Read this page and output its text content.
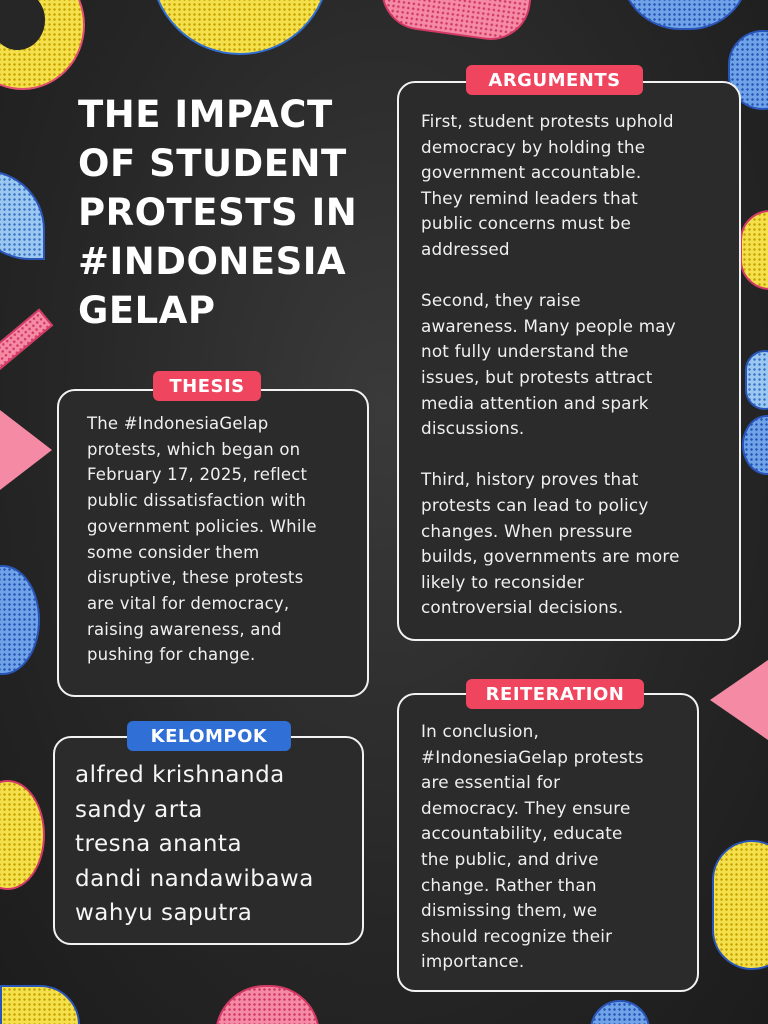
THE IMPACT
OF STUDENT
PROTESTS IN
#INDONESIA
GELAP
The #IndonesiaGelap
protests, which began on
February 17, 2025, reflect
public dissatisfaction with
government policies. While
some consider them
disruptive, these protests
are vital for democracy,
raising awareness, and
pushing for change.
THESIS
alfred krishnanda
sandy arta
tresna ananta
dandi nandawibawa
wahyu saputra
KELOMPOK
First, student protests uphold
democracy by holding the
government accountable.
They remind leaders that
public concerns must be
addressed

Second, they raise
awareness. Many people may
not fully understand the
issues, but protests attract
media attention and spark
discussions.

Third, history proves that
protests can lead to policy
changes. When pressure
builds, governments are more
likely to reconsider
controversial decisions.
ARGUMENTS
In conclusion,
#IndonesiaGelap protests
are essential for
democracy. They ensure
accountability, educate
the public, and drive
change. Rather than
dismissing them, we
should recognize their
importance.
REITERATION
